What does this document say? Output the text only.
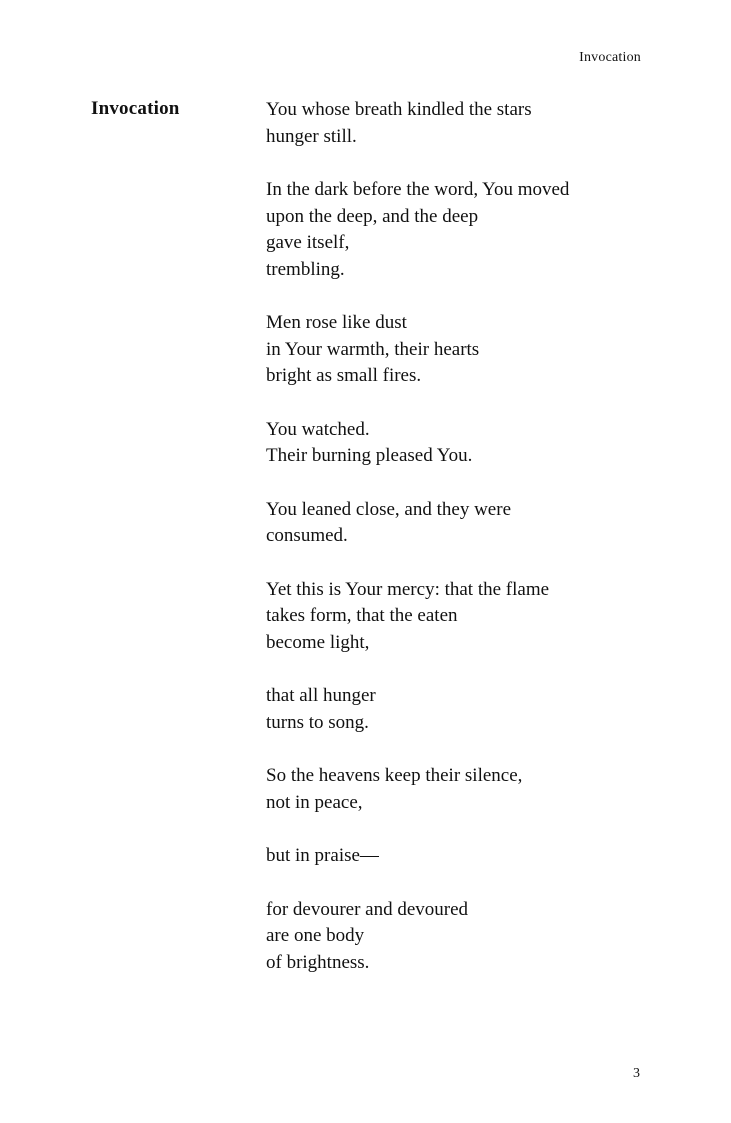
Invocation
Invocation	You whose breath kindled the stars
hunger still.
In the dark before the word, You moved
upon the deep, and the deep
gave itself,
trembling.
Men rose like dust
in Your warmth, their hearts
bright as small fires.
You watched.
Their burning pleased You.
You leaned close, and they were
consumed.
Yet this is Your mercy: that the flame
takes form, that the eaten
become light,
that all hunger
turns to song.
So the heavens keep their silence,
not in peace,
but in praise—
for devourer and devoured
are one body
of brightness.
3
